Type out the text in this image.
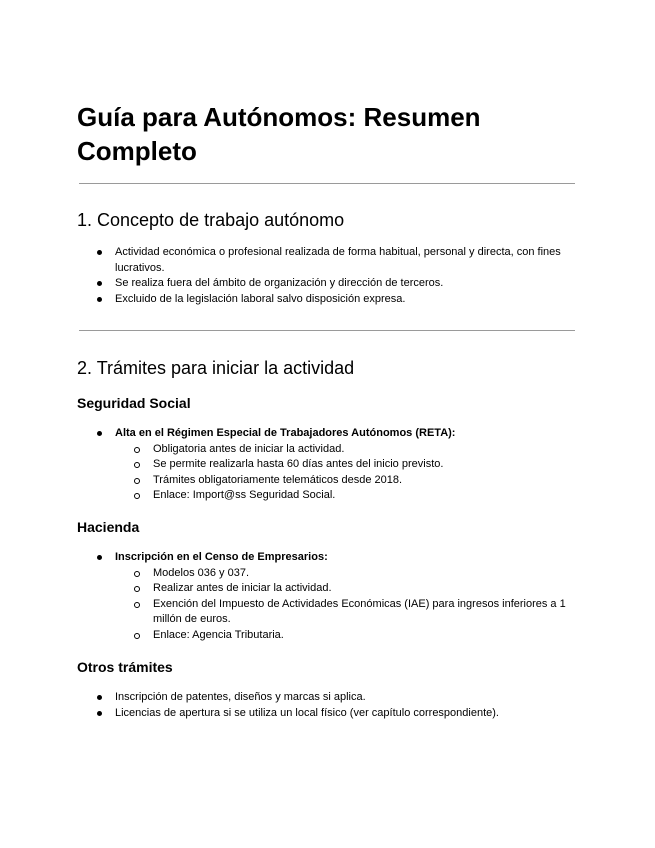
Guía para Autónomos: Resumen Completo
1. Concepto de trabajo autónomo
Actividad económica o profesional realizada de forma habitual, personal y directa, con fines lucrativos.
Se realiza fuera del ámbito de organización y dirección de terceros.
Excluido de la legislación laboral salvo disposición expresa.
2. Trámites para iniciar la actividad
Seguridad Social
Alta en el Régimen Especial de Trabajadores Autónomos (RETA):
Obligatoria antes de iniciar la actividad.
Se permite realizarla hasta 60 días antes del inicio previsto.
Trámites obligatoriamente telemáticos desde 2018.
Enlace: Import@ss Seguridad Social.
Hacienda
Inscripción en el Censo de Empresarios:
Modelos 036 y 037.
Realizar antes de iniciar la actividad.
Exención del Impuesto de Actividades Económicas (IAE) para ingresos inferiores a 1 millón de euros.
Enlace: Agencia Tributaria.
Otros trámites
Inscripción de patentes, diseños y marcas si aplica.
Licencias de apertura si se utiliza un local físico (ver capítulo correspondiente).
